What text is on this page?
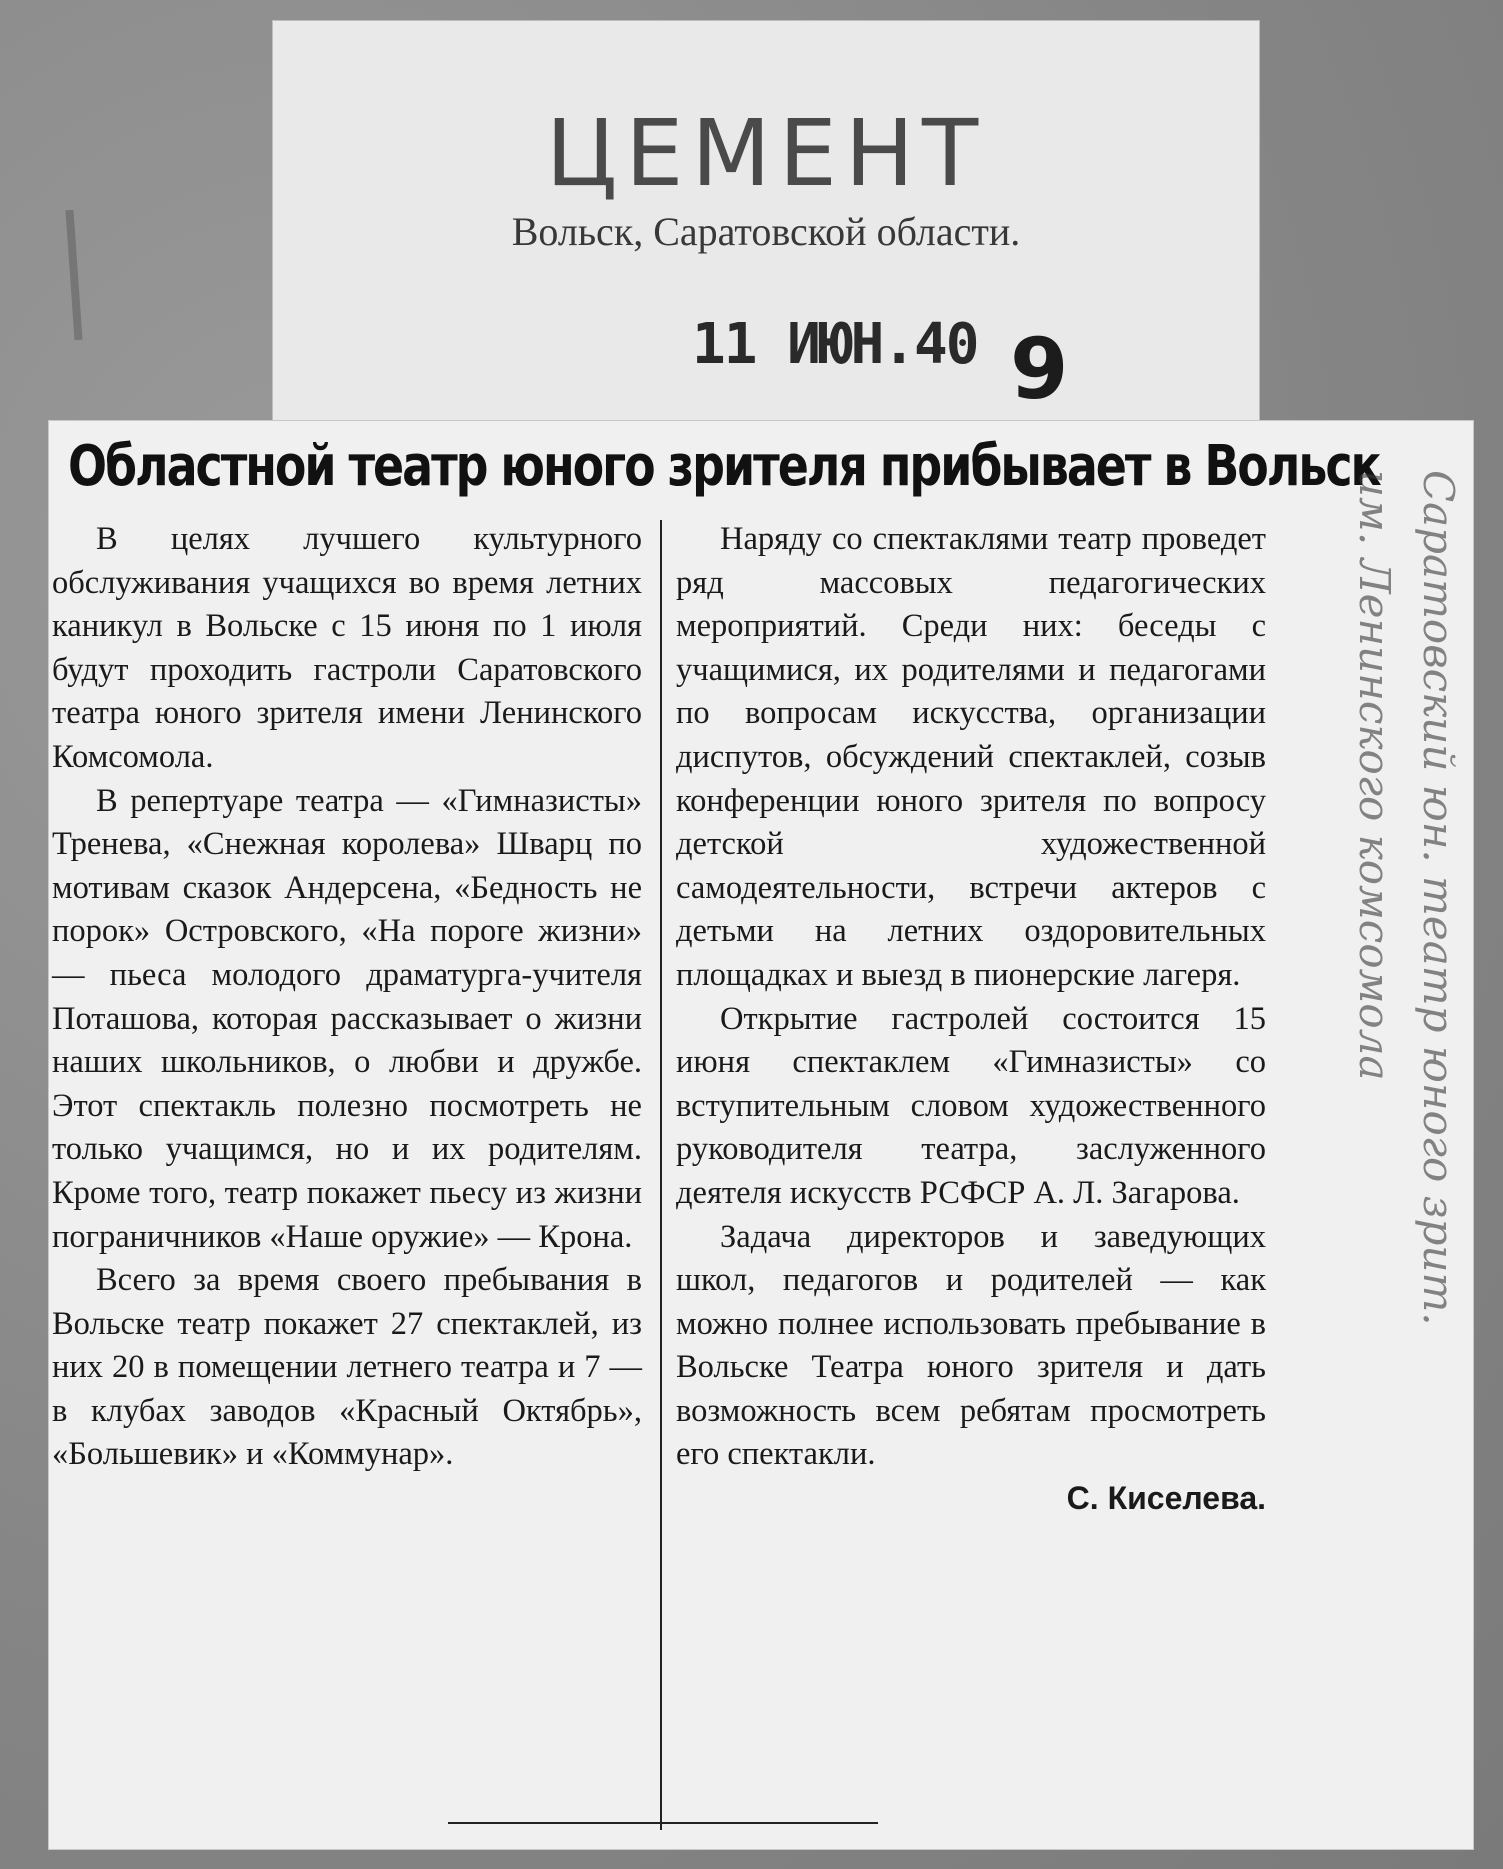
ЦЕМЕНТ
Вольск, Саратовской области.
11 ИЮН.40 9
Областной театр юного зрителя прибывает в Вольск

В целях лучшего культурного обслуживания учащихся во время летних каникул в Вольске с 15 июня по 1 июля будут проходить гастроли Саратовского театра юного зрителя имени Ленинского Комсомола.

В репертуаре театра — «Гимназисты» Тренева, «Снежная королева» Шварц по мотивам сказок Андерсена, «Бедность не порок» Островского, «На пороге жизни» — пьеса молодого драматурга-учителя Поташова, которая рассказывает о жизни наших школьников, о любви и дружбе. Этот спектакль полезно посмотреть не только учащимся, но и их родителям. Кроме того, театр покажет пьесу из жизни пограничников «Наше оружие» — Крона.

Всего за время своего пребывания в Вольске театр покажет 27 спектаклей, из них 20 в помещении летнего театра и 7 — в клубах заводов «Красный Октябрь», «Большевик» и «Коммунар».

Наряду со спектаклями театр проведет ряд массовых педагогических мероприятий. Среди них: беседы с учащимися, их родителями и педагогами по вопросам искусства, организации диспутов, обсуждений спектаклей, созыв конференции юного зрителя по вопросу детской художественной самодеятельности, встречи актеров с детьми на летних оздоровительных площадках и выезд в пионерские лагеря.

Открытие гастролей состоится 15 июня спектаклем «Гимназисты» со вступительным словом художественного руководителя театра, заслуженного деятеля искусств РСФСР А. Л. Загарова.

Задача директоров и заведующих школ, педагогов и родителей — как можно полнее использовать пребывание в Вольске Театра юного зрителя и дать возможность всем ребятам просмотреть его спектакли.

С. Киселева.
Саратовский юн. театр юного зрит.
им. Ленинского комсомола
